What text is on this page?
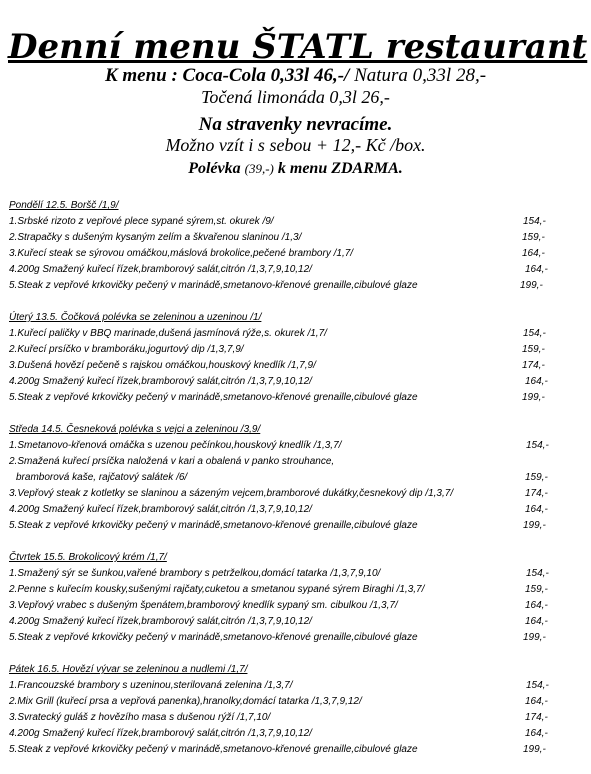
Denní menu ŠTATL restaurant
K menu : Coca-Cola 0,33l 46,-/ Natura 0,33l 28,-
Točená limonáda 0,3l 26,-
Na stravenky nevracíme.
Možno vzít i s sebou + 12,- Kč /box.
Polévka (39,-) k menu ZDARMA.
Pondělí 12.5. Boršč /1,9/
1.Srbské rizoto z vepřové plece sypané sýrem,st. okurek /9/	154,-
2.Strapačky s dušeným kysaným zelím a škvařenou slaninou /1,3/	159,-
3.Kuřecí steak se sýrovou omáčkou,máslová brokolice,pečené brambory /1,7/	164,-
4.200g Smažený kuřecí řízek,bramborový salát,citrón /1,3,7,9,10,12/	164,-
5.Steak z vepřové krkovičky pečený v marinádě,smetanovo-křenové grenaille,cibulové glaze	199,-
Úterý 13.5. Čočková polévka se zeleninou a uzeninou /1/
1.Kuřecí paličky v BBQ marinade,dušená jasmínová rýže,s. okurek /1,7/	154,-
2.Kuřecí prsíčko v bramboráku,jogurtový dip /1,3,7,9/	159,-
3.Dušená hovězí pečeně s rajskou omáčkou,houskový knedlík /1,7,9/	174,-
4.200g Smažený kuřecí řízek,bramborový salát,citrón /1,3,7,9,10,12/	164,-
5.Steak z vepřové krkovičky pečený v marinádě,smetanovo-křenové grenaille,cibulové glaze	199,-
Středa 14.5. Česneková polévka s vejci a zeleninou /3,9/
1.Smetanovo-křenová omáčka s uzenou pečínkou,houskový knedlík /1,3,7/	154,-
2.Smažená kuřecí prsíčka naložená v kari a obalená v panko strouhance,
bramborová kaše, rajčatový salátek /6/	159,-
3.Vepřový steak z kotletky se slaninou a sázeným vejcem,bramborové dukátky,česnekový dip /1,3,7/	174,-
4.200g Smažený kuřecí řízek,bramborový salát,citrón /1,3,7,9,10,12/	164,-
5.Steak z vepřové krkovičky pečený v marinádě,smetanovo-křenové grenaille,cibulové glaze	199,-
Čtvrtek 15.5. Brokolicový krém /1,7/
1.Smažený sýr se šunkou,vařené brambory s petrželkou,domácí tatarka /1,3,7,9,10/	154,-
2.Penne s kuřecím kousky,sušenými rajčaty,cuketou a smetanou sypané sýrem Biraghi /1,3,7/	159,-
3.Vepřový vrabec s dušeným špenátem,bramborový knedlík sypaný sm. cibulkou /1,3,7/	164,-
4.200g Smažený kuřecí řízek,bramborový salát,citrón /1,3,7,9,10,12/	164,-
5.Steak z vepřové krkovičky pečený v marinádě,smetanovo-křenové grenaille,cibulové glaze	199,-
Pátek 16.5. Hovězí vývar se zeleninou a nudlemi /1,7/
1.Francouzské brambory s uzeninou,sterilovaná zelenina /1,3,7/	154,-
2.Mix Grill (kuřecí prsa a vepřová panenka),hranolky,domácí tatarka /1,3,7,9,12/	164,-
3.Svratecký guláš z hovězího masa s dušenou rýží /1,7,10/	174,-
4.200g Smažený kuřecí řízek,bramborový salát,citrón /1,3,7,9,10,12/	164,-
5.Steak z vepřové krkovičky pečený v marinádě,smetanovo-křenové grenaille,cibulové glaze	199,-
